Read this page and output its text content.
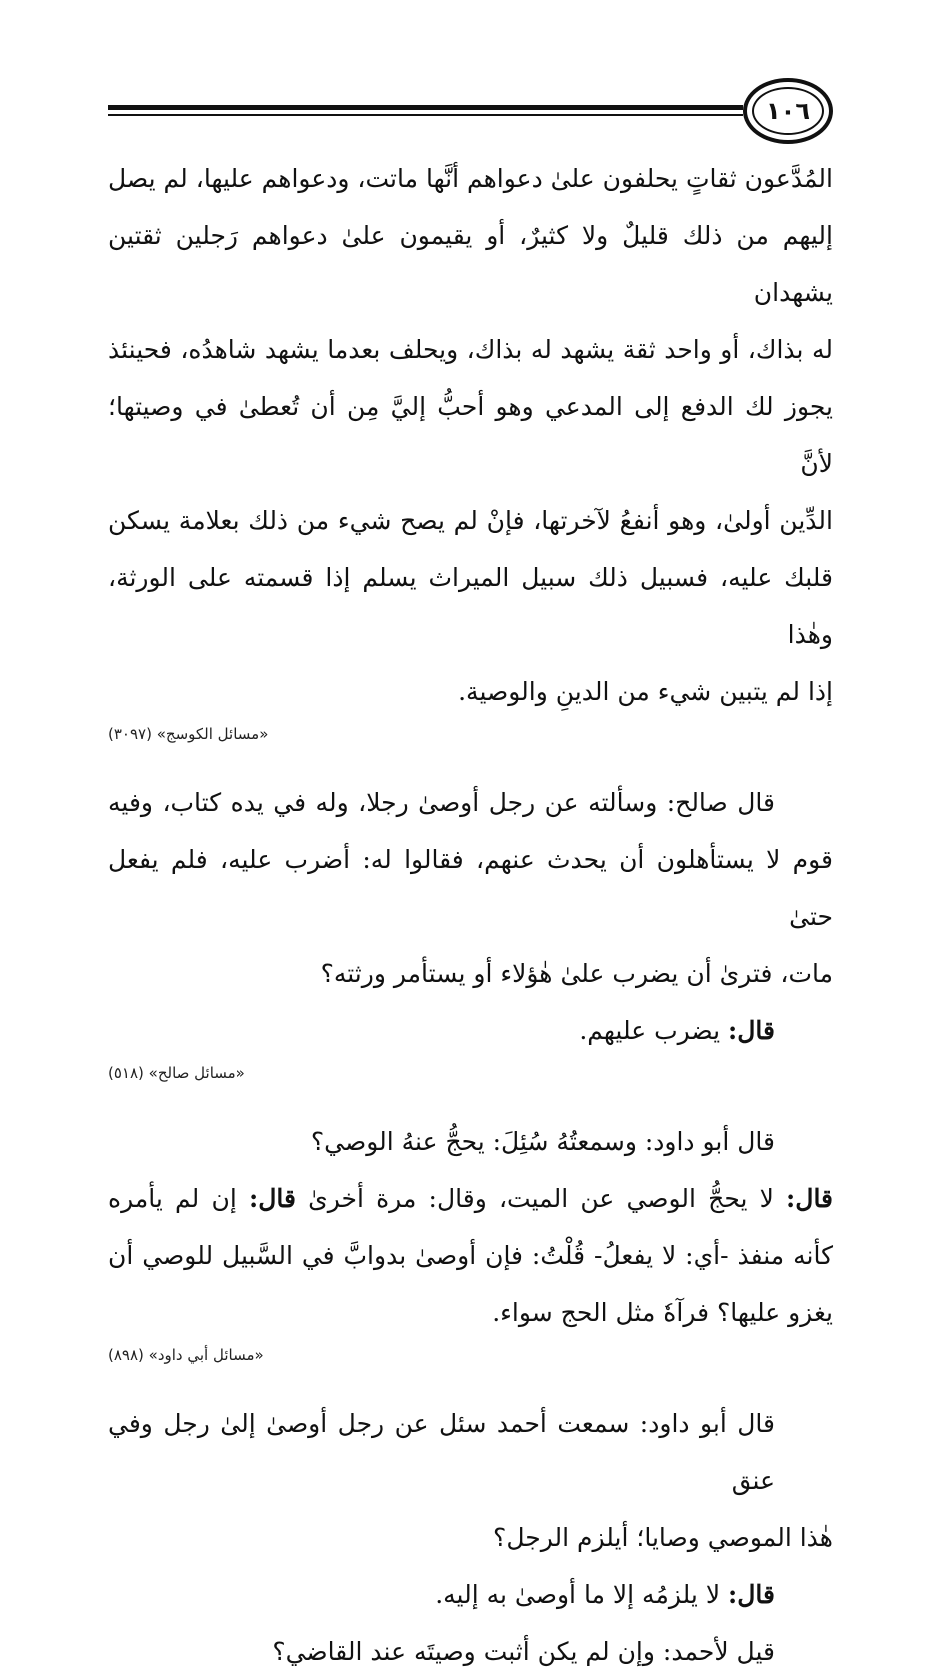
١٠٦
المُدَّعون ثقاتٍ يحلفون علىٰ دعواهم أنَّها ماتت، ودعواهم عليها، لم يصل
إليهم من ذلك قليلٌ ولا كثيرٌ، أو يقيمون علىٰ دعواهم رَجلين ثقتين يشهدان
له بذاك، أو واحد ثقة يشهد له بذاك، ويحلف بعدما يشهد شاهدُه، فحينئذ
يجوز لك الدفع إلى المدعي وهو أحبُّ إليَّ مِن أن تُعطىٰ في وصيتها؛ لأنَّ
الدِّين أولىٰ، وهو أنفعُ لآخرتها، فإنْ لم يصح شيء من ذلك بعلامة يسكن
قلبك عليه، فسبيل ذلك سبيل الميراث يسلم إذا قسمته على الورثة، وهٰذا
إذا لم يتبين شيء من الدينِ والوصية.
«مسائل الكوسج» (٣٠٩٧)
قال صالح: وسألته عن رجل أوصىٰ رجلا، وله في يده كتاب، وفيه
قوم لا يستأهلون أن يحدث عنهم، فقالوا له: أضرب عليه، فلم يفعل حتىٰ
مات، فترىٰ أن يضرب علىٰ هٰؤلاء أو يستأمر ورثته؟
قال: يضرب عليهم.
«مسائل صالح» (٥١٨)
قال أبو داود: وسمعتُهُ سُئِلَ: يحجُّ عنهُ الوصي؟
قال: لا يحجُّ الوصي عن الميت، وقال: مرة أخرىٰ قال: إن لم يأمره
كأنه منفذ -أي: لا يفعلُ- قُلْتُ: فإن أوصىٰ بدوابَّ في السَّبيل للوصي أن
يغزو عليها؟ فرآهٗ مثل الحج سواء.
«مسائل أبي داود» (٨٩٨)
قال أبو داود: سمعت أحمد سئل عن رجل أوصىٰ إلىٰ رجل وفي عنق
هٰذا الموصي وصايا؛ أيلزم الرجل؟
قال: لا يلزمُه إلا ما أوصىٰ به إليه.
قيل لأحمد: وإن لم يكن أثبت وصيتَه عند القاضي؟
